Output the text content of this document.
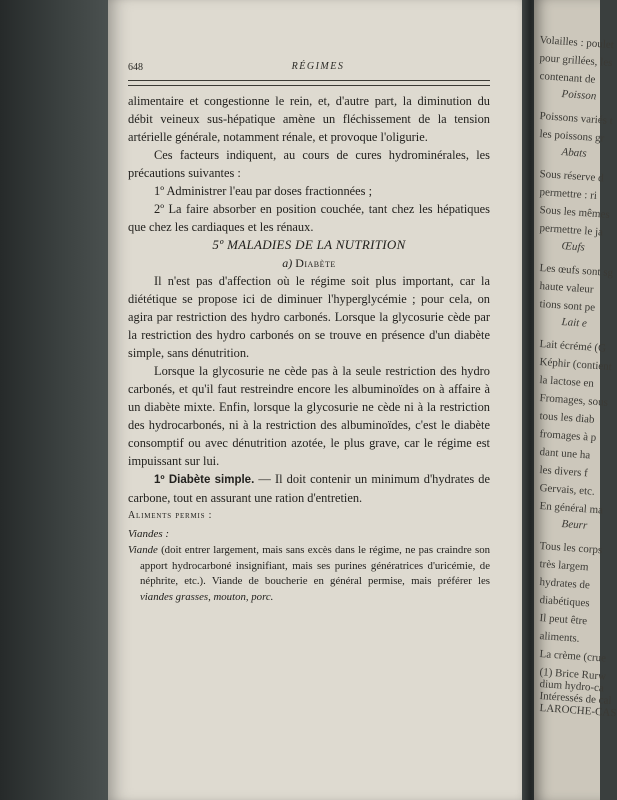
648	RÉGIMES

alimentaire et congestionne le rein, et, d'autre part, la diminution du débit veineux sus-hépatique amène un fléchissement de la tension artérielle générale, notamment rénale, et provoque l'oligurie.

Ces facteurs indiquent, au cours de cures hydrominérales, les précautions suivantes :

1º Administrer l'eau par doses fractionnées ;

2º La faire absorber en position couchée, tant chez les hépatiques que chez les cardiaques et les rénaux.

5º MALADIES DE LA NUTRITION

a) Diabète

Il n'est pas d'affection où le régime soit plus important, car la diététique se propose ici de diminuer l'hyperglycémie ; pour cela, on agira par restriction des hydro carbonés. Lorsque la glycosurie cède par la restriction des hydro carbonés on se trouve en présence d'un diabète simple, sans dénutrition.

Lorsque la glycosurie ne cède pas à la seule restriction des hydro carbonés, et qu'il faut restreindre encore les albuminoïdes on à affaire à un diabète mixte. Enfin, lorsque la glycosurie ne cède ni à la restriction des hydrocarbonés, ni à la restriction des albuminoïdes, c'est le diabète consomptif ou avec dénutrition azotée, le plus grave, car le régime est impuissant sur lui.

1º Diabète simple. — Il doit contenir un minimum d'hydrates de carbone, tout en assurant une ration d'entretien.

Aliments permis :

Viandes :

Viande (doit entrer largement, mais sans excès dans le régime, ne pas craindre son apport hydrocarboné insignifiant, mais ses purines génératrices d'uricémie, de néphrite, etc.). Viande de boucherie en général permise, mais préférer les viandes grasses, mouton, porc.

Volailles : poulet
pour grillées, les
contenant de
Poisson
Poissons variés t
les poissons gr
Abats
Sous réserve d
permettre : ri
Sous les mêmes
permettre le ja
Œufs
Les œufs sont sg
haute valeur
tions sont pe
Lait e
Lait écrémé (G
Képhir (contient
la lactose en
Fromages, sous
tous les diab
fromages à p
dant une ha
les divers f
Gervais, etc.
En général ma
Beurr
Tous les corps
très largem
hydrates de
diabétiques
Il peut être
aliments.
La crème (crue
(1) Brice Rurw
dium hydro-ca
Intéressés de cal
LAROCHE-CAS
